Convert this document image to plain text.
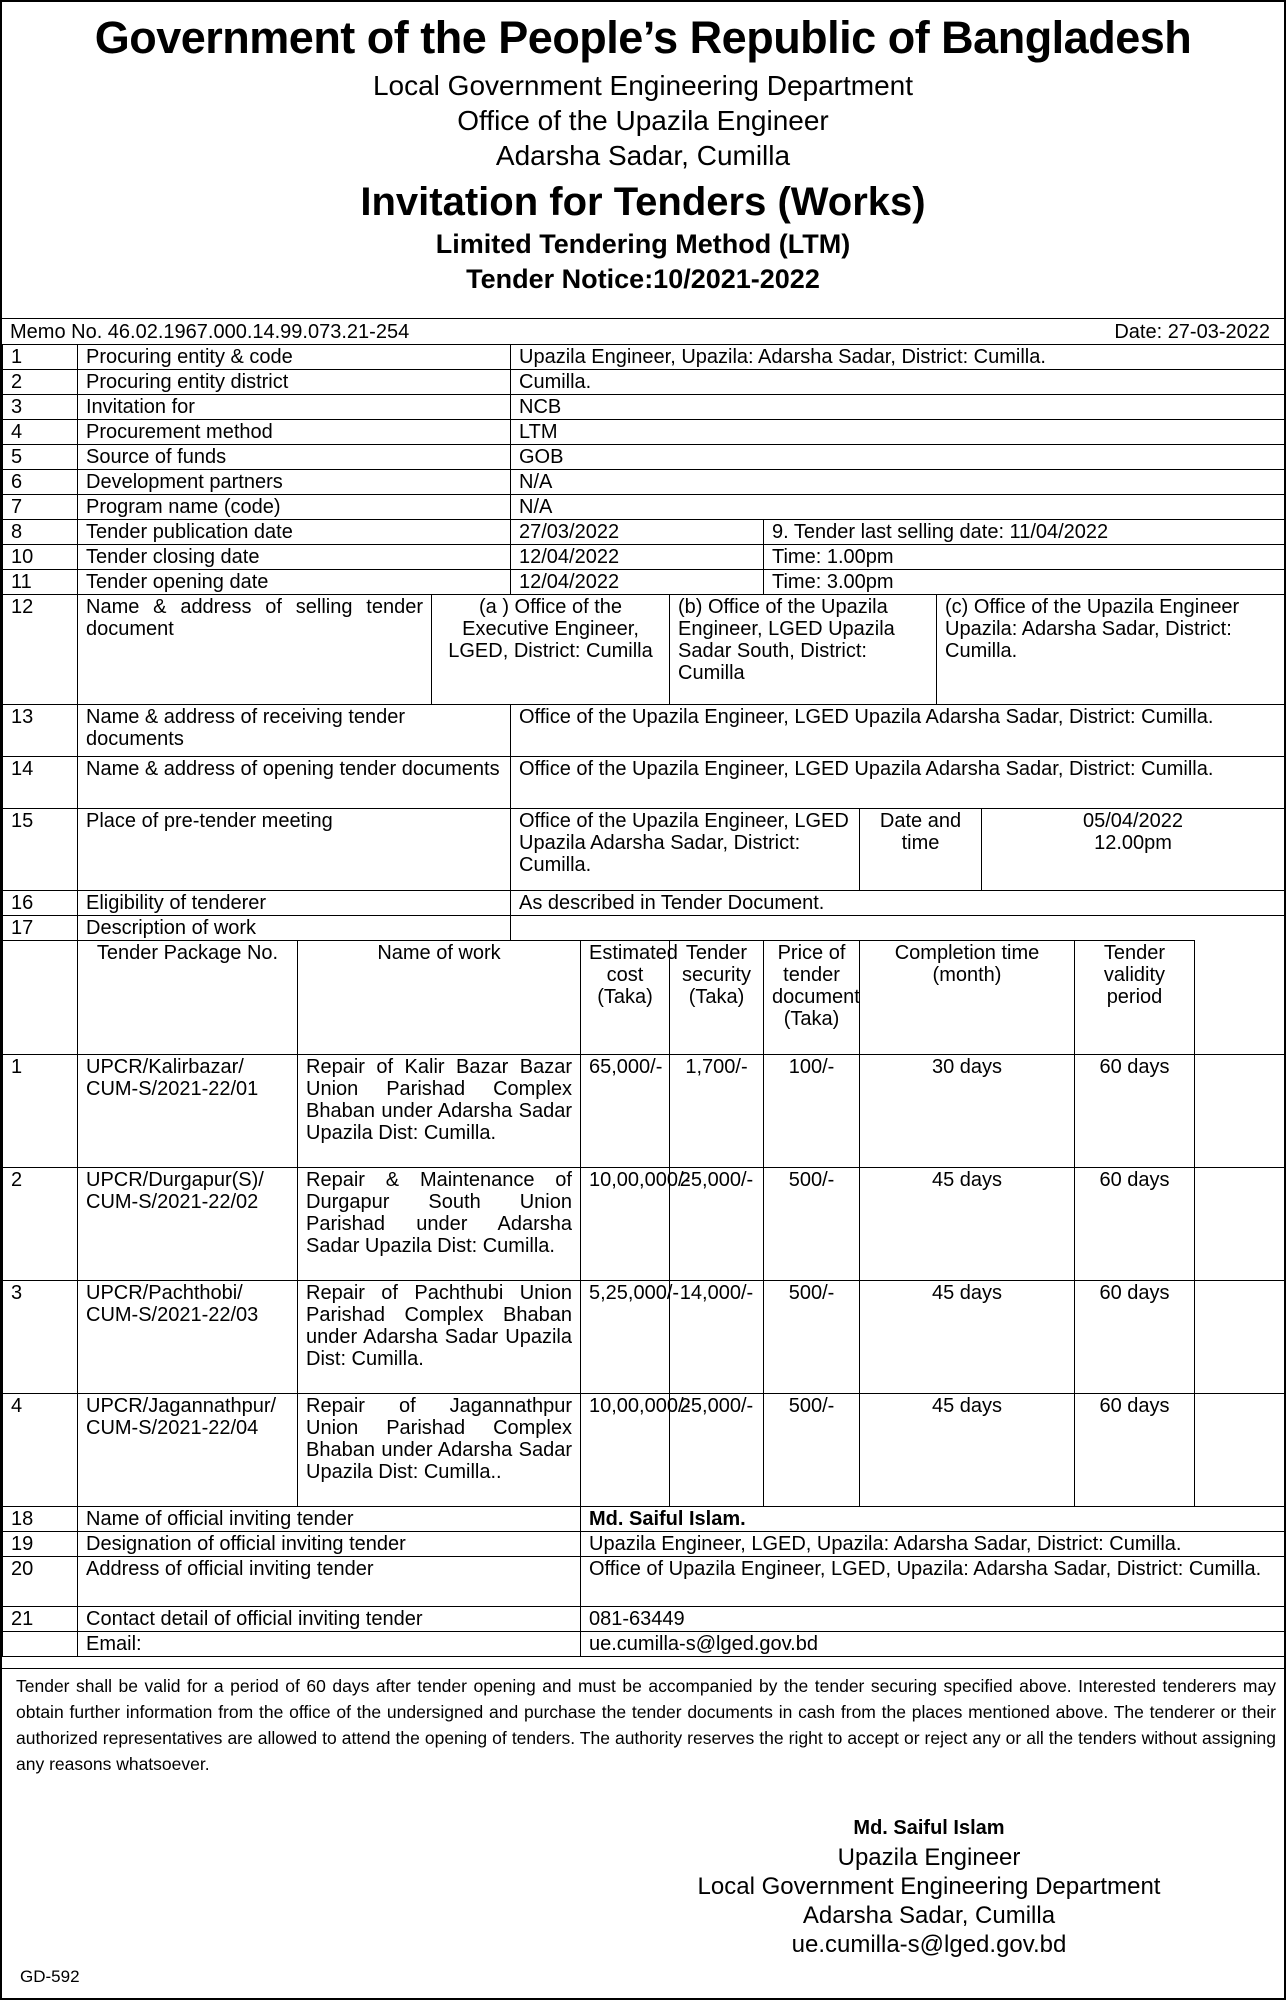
Government of the People’s Republic of Bangladesh
Local Government Engineering Department
Office of the Upazila Engineer
Adarsha Sadar, Cumilla
Invitation for Tenders (Works)
Limited Tendering Method (LTM)
Tender Notice:10/2021-2022
Memo No. 46.02.1967.000.14.99.073.21-254	Date: 27-03-2022
1	Procuring entity & code			Upazila Engineer, Upazila: Adarsha Sadar, District: Cumilla.								
2	Procuring entity district			Cumilla.								
3	Invitation for			NCB								
4	Procurement method			LTM								
5	Source of funds			GOB								
6	Development partners			N/A								
7	Program name (code)			N/A								
8	Tender publication date			27/03/2022			9. Tender last selling date: 11/04/2022					
10	Tender closing date			12/04/2022			Time: 1.00pm					
11	Tender opening date			12/04/2022			Time: 3.00pm					
12	Name & address of selling tender document		(a ) Office of the Executive Engineer, LGED, District: Cumilla			(b) Office of the Upazila Engineer, LGED Upazila Sadar South, District: Cumilla			(c) Office of the Upazila Engineer Upazila: Adarsha Sadar, District: Cumilla.			
13	Name & address of receiving tender documents			Office of the Upazila Engineer, LGED Upazila Adarsha Sadar, District: Cumilla.								
14	Name & address of opening tender documents			Office of the Upazila Engineer, LGED Upazila Adarsha Sadar, District: Cumilla.								
15	Place of pre-tender meeting			Office of the Upazila Engineer, LGED Upazila Adarsha Sadar, District: Cumilla.				Date and time		05/04/2022
12.00pm		

16	Eligibility of tenderer			As described in Tender Document.								
17	Description of work											
	Tender Package No.	Name of work			Estimated cost (Taka)	Tender security (Taka)	Price of tender document (Taka)	Completion time (month)			Tender validity period	
1	UPCR/Kalirbazar/ CUM-S/2021-22/01	Repair of Kalir Bazar Bazar Union Parishad Complex Bhaban under Adarsha Sadar Upazila Dist: Cumilla.			65,000/-	1,700/-	100/-	30 days			60 days	
2	UPCR/Durgapur(S)/ CUM-S/2021-22/02	Repair & Maintenance of Durgapur South Union Parishad under Adarsha Sadar Upazila Dist: Cumilla.			10,00,000/-	25,000/-	500/-	45 days			60 days	
3	UPCR/Pachthobi/ CUM-S/2021-22/03	Repair of Pachthubi Union Parishad Complex Bhaban under Adarsha Sadar Upazila Dist: Cumilla.			5,25,000/-	14,000/-	500/-	45 days			60 days	
4	UPCR/Jagannathpur/ CUM-S/2021-22/04	Repair of Jagannathpur Union Parishad Complex Bhaban under Adarsha Sadar Upazila Dist: Cumilla..			10,00,000/-	25,000/-	500/-	45 days			60 days	
18	Name of official inviting tender				Md. Saiful Islam.							
19	Designation of official inviting tender				Upazila Engineer, LGED, Upazila: Adarsha Sadar, District: Cumilla.							
20	Address of official inviting tender				Office of Upazila Engineer, LGED, Upazila: Adarsha Sadar, District: Cumilla.							
21	Contact detail of official inviting tender				081-63449							
	Email:				ue.cumilla-s@lged.gov.bd							
Tender shall be valid for a period of 60 days after tender opening and must be accompanied by the tender securing specified above. Interested tenderers may obtain further information from the office of the undersigned and purchase the tender documents in cash from the places mentioned above. The tenderer or their authorized representatives are allowed to attend the opening of tenders. The authority reserves the right to accept or reject any or all the tenders without assigning any reasons whatsoever.
Md. Saiful Islam
Upazila Engineer
Local Government Engineering Department
Adarsha Sadar, Cumilla
ue.cumilla-s@lged.gov.bd
GD-592
